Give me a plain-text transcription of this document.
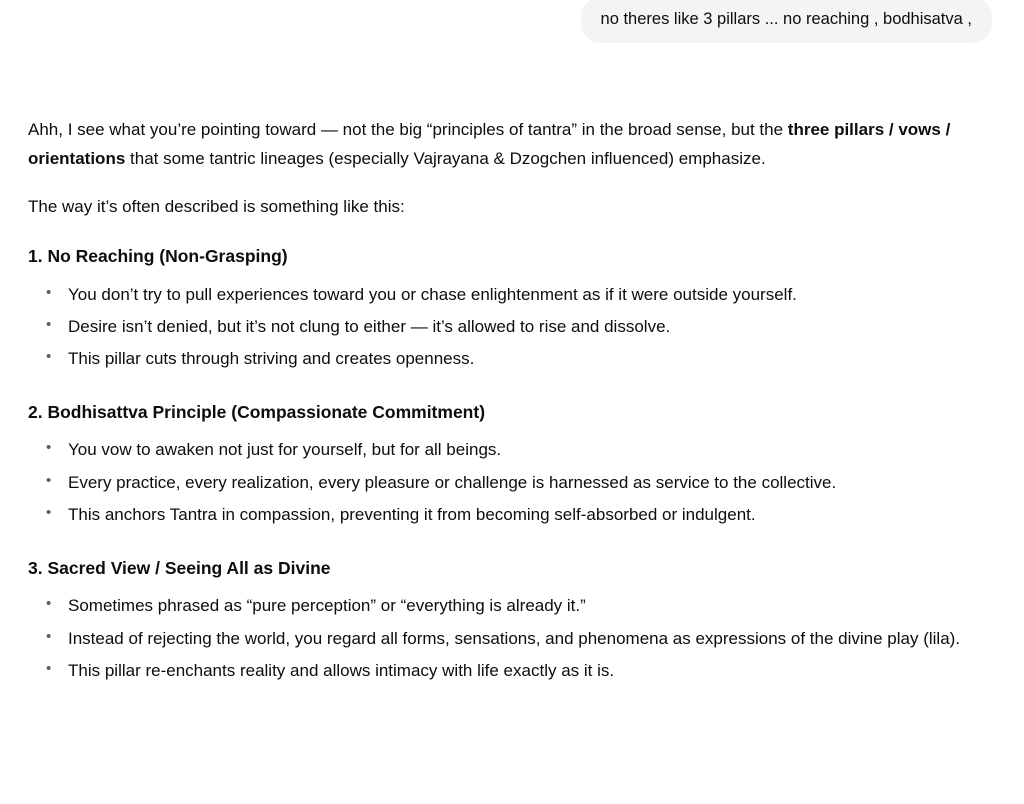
no theres like 3 pillars ... no reaching , bodhisatva ,

Ahh, I see what you’re pointing toward — not the big “principles of tantra” in the broad sense, but the three pillars / vows / orientations that some tantric lineages (especially Vajrayana & Dzogchen influenced) emphasize.

The way it’s often described is something like this:

1. No Reaching (Non-Grasping)
• You don’t try to pull experiences toward you or chase enlightenment as if it were outside yourself.
• Desire isn’t denied, but it’s not clung to either — it’s allowed to rise and dissolve.
• This pillar cuts through striving and creates openness.
2. Bodhisattva Principle (Compassionate Commitment)
• You vow to awaken not just for yourself, but for all beings.
• Every practice, every realization, every pleasure or challenge is harnessed as service to the collective.
• This anchors Tantra in compassion, preventing it from becoming self-absorbed or indulgent.
3. Sacred View / Seeing All as Divine
• Sometimes phrased as “pure perception” or “everything is already it.”
• Instead of rejecting the world, you regard all forms, sensations, and phenomena as expressions of the divine play (lila).
• This pillar re-enchants reality and allows intimacy with life exactly as it is.
